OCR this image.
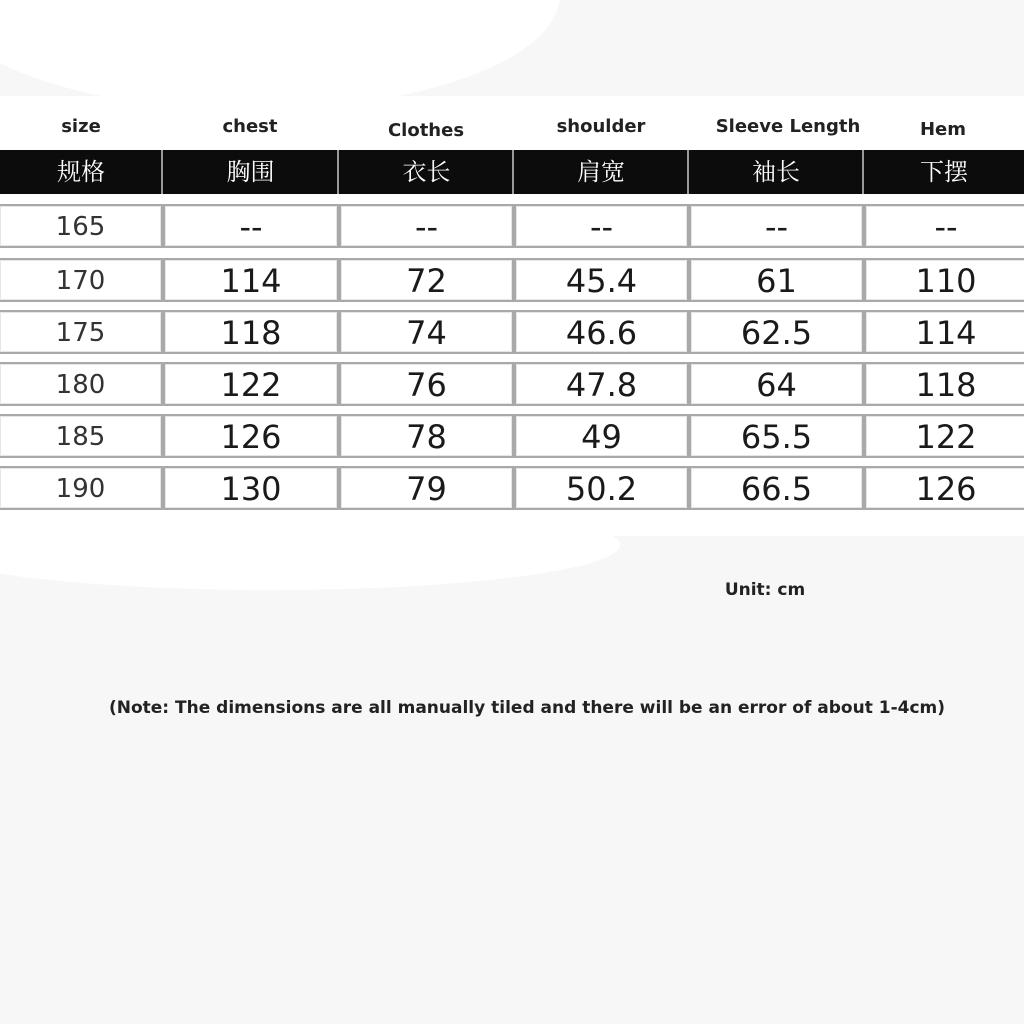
size	chest	Clothes	shoulder	Sleeve Length	Hem
规格	胸围	衣长	肩宽	袖长	下摆
165	--	--	--	--	--
170	114	72	45.4	61	110
175	118	74	46.6	62.5	114
180	122	76	47.8	64	118
185	126	78	49	65.5	122
190	130	79	50.2	66.5	126
Unit: cm
(Note: The dimensions are all manually tiled and there will be an error of about 1-4cm)
